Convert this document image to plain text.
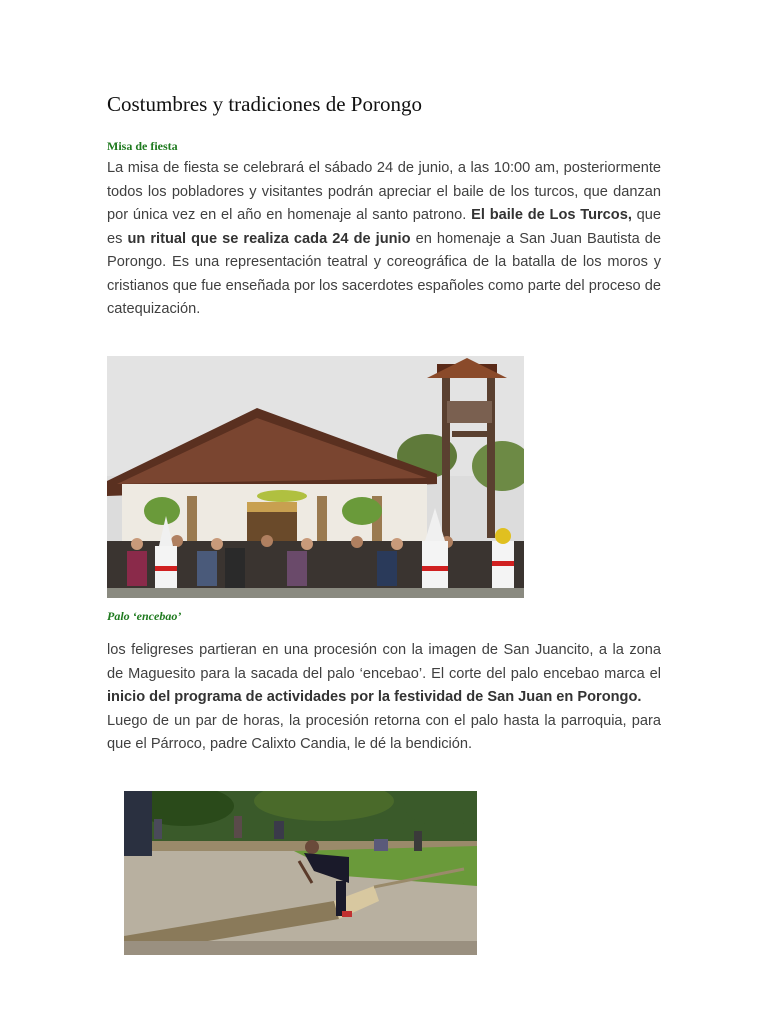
Costumbres y tradiciones de Porongo
Misa de fiesta

La misa de fiesta se celebrará el sábado 24 de junio, a las 10:00 am, posteriormente todos los pobladores y visitantes podrán apreciar el baile de los turcos, que danzan por única vez en el año en homenaje al santo patrono. El baile de Los Turcos, que es un ritual que se realiza cada 24 de junio en homenaje a San Juan Bautista de Porongo. Es una representación teatral y coreográfica de la batalla de los moros y cristianos que fue enseñada por los sacerdotes españoles como parte del proceso de catequización.

Palo ‘encebao’

los feligreses partieran en una procesión con la imagen de San Juancito, a la zona de Maguesito para la sacada del palo ‘encebao’. El corte del palo encebao marca el inicio del programa de actividades por la festividad de San Juan en Porongo.
Luego de un par de horas, la procesión retorna con el palo hasta la parroquia, para que el Párroco, padre Calixto Candia, le dé la bendición.
